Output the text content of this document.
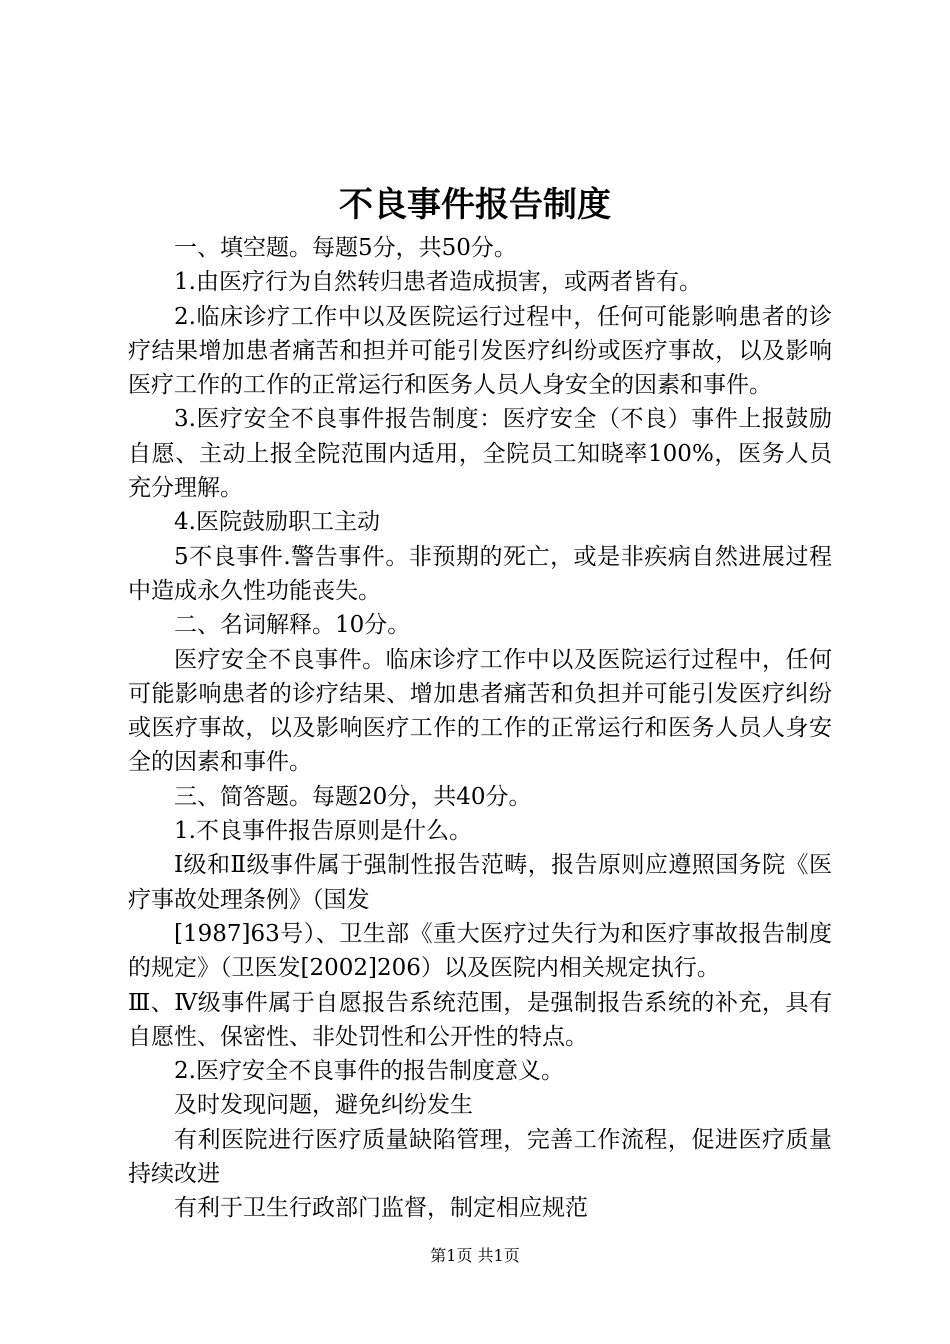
不良事件报告制度

一、填空题。每题5分，共50分。

1.由医疗行为自然转归患者造成损害，或两者皆有。

2.临床诊疗工作中以及医院运行过程中，任何可能影响患者的诊疗结果增加患者痛苦和担并可能引发医疗纠纷或医疗事故，以及影响医疗工作的工作的正常运行和医务人员人身安全的因素和事件。

3.医疗安全不良事件报告制度：医疗安全（不良）事件上报鼓励自愿、主动上报全院范围内适用，全院员工知晓率100%，医务人员充分理解。

4.医院鼓励职工主动

5不良事件.警告事件。非预期的死亡，或是非疾病自然进展过程中造成永久性功能丧失。

二、名词解释。10分。

医疗安全不良事件。临床诊疗工作中以及医院运行过程中，任何可能影响患者的诊疗结果、增加患者痛苦和负担并可能引发医疗纠纷或医疗事故，以及影响医疗工作的工作的正常运行和医务人员人身安全的因素和事件。

三、简答题。每题20分，共40分。

1.不良事件报告原则是什么。

Ⅰ级和Ⅱ级事件属于强制性报告范畴，报告原则应遵照国务院《医疗事故处理条例》（国发

[1987]63号）、卫生部《重大医疗过失行为和医疗事故报告制度的规定》（卫医发[2002]206）以及医院内相关规定执行。

Ⅲ、Ⅳ级事件属于自愿报告系统范围，是强制报告系统的补充，具有自愿性、保密性、非处罚性和公开性的特点。

2.医疗安全不良事件的报告制度意义。

及时发现问题，避免纠纷发生

有利医院进行医疗质量缺陷管理，完善工作流程，促进医疗质量持续改进

有利于卫生行政部门监督，制定相应规范

第1页 共1页
